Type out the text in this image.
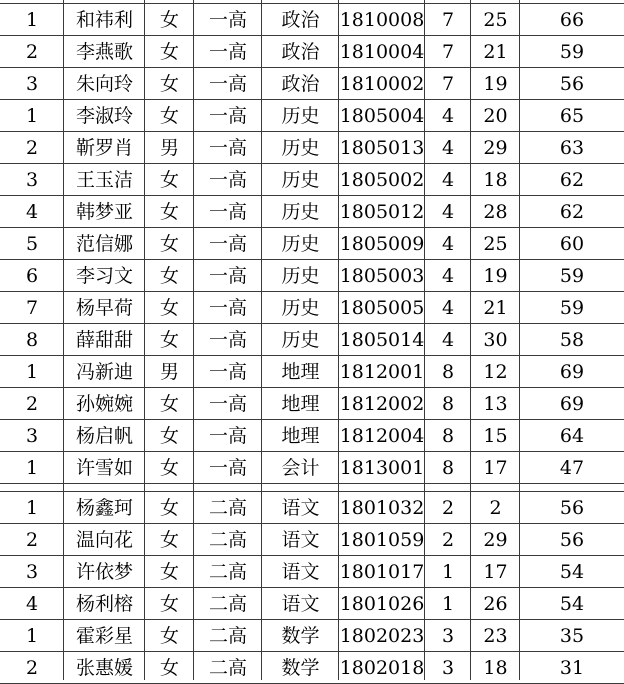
1	和祎利	女	一高	政治	1810008 7	25	66
2	李燕歌	女	一高	政治	1810004 7	21	59
3	朱向玲	女	一高	政治	1810002 7	19	56
1	李淑玲	女	一高	历史	1805004 4	20	65
2	靳罗肖	男	一高	历史	1805013 4	29	63
3	王玉洁	女	一高	历史	1805002 4	18	62
4	韩梦亚	女	一高	历史	1805012 4	28	62
5	范信娜	女	一高	历史	1805009 4	25	60
6	李习文	女	一高	历史	1805003 4	19	59
7	杨早荷	女	一高	历史	1805005 4	21	59
8	薛甜甜	女	一高	历史	1805014 4	30	58
1	冯新迪	男	一高	地理	1812001 8	12	69
2	孙婉婉	女	一高	地理	1812002 8	13	69
3	杨启帆	女	一高	地理	1812004 8	15	64
1	许雪如	女	一高	会计	1813001 8	17	47
1	杨鑫珂	女	二高	语文	1801032 2	2	56
2	温向花	女	二高	语文	1801059 2	29	56
3	许依梦	女	二高	语文	1801017 1	17	54
4	杨利榕	女	二高	语文	1801026 1	26	54
1	霍彩星	女	二高	数学	1802023 3	23	35
2	张惠媛	女	二高	数学	1802018 3	18	31
